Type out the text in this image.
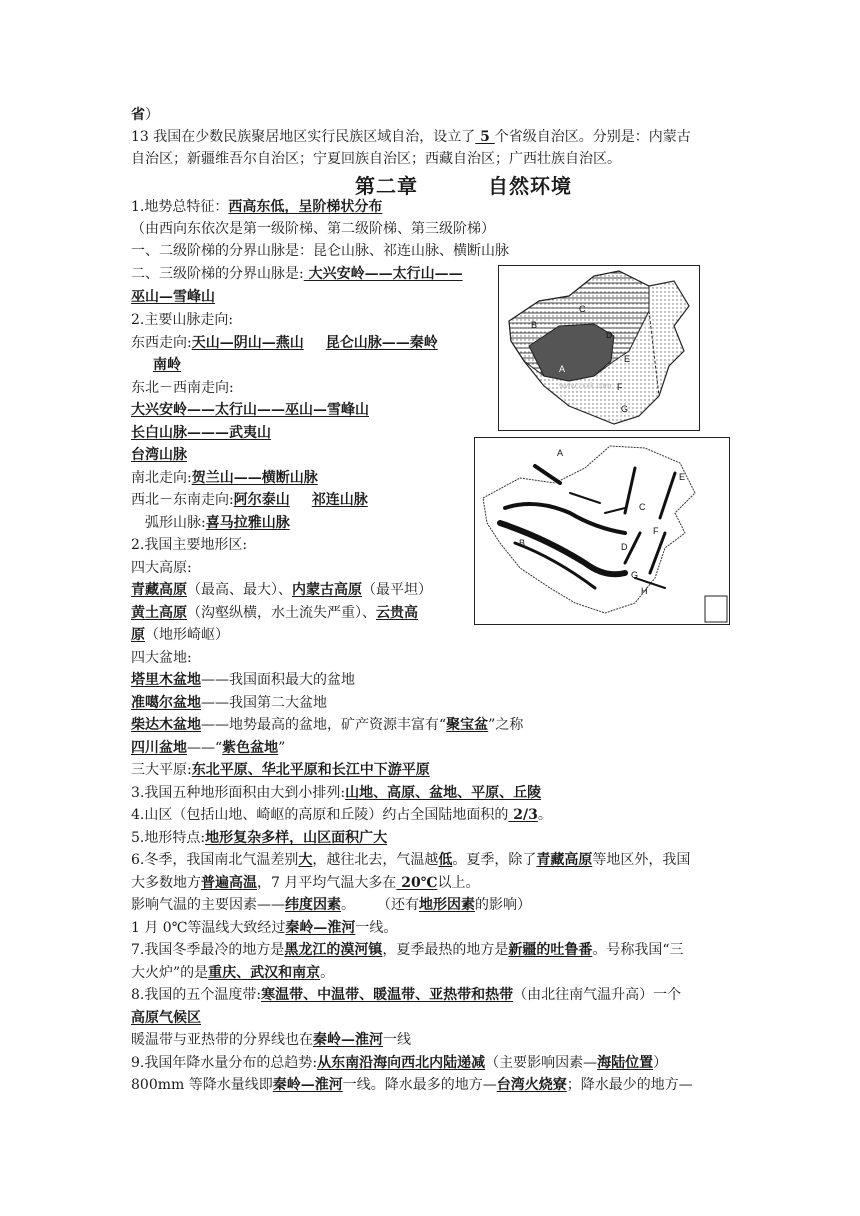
省）
13 我国在少数民族聚居地区实行民族区域自治，设立了 5 个省级自治区。分别是：内蒙古
自治区；新疆维吾尔自治区；宁夏回族自治区；西藏自治区；广西壮族自治区。
第二章	自然环境
1.地势总特征：西高东低，呈阶梯状分布
（由西向东依次是第一级阶梯、第二级阶梯、第三级阶梯）
一、二级阶梯的分界山脉是：昆仑山脉、祁连山脉、横断山脉
二、三级阶梯的分界山脉是: 大兴安岭——太行山——
巫山—雪峰山
2.主要山脉走向:
东西走向:天山—阴山—燕山 昆仑山脉——秦岭
南岭
东北－西南走向:
大兴安岭——太行山——巫山—雪峰山
长白山脉———武夷山
台湾山脉
南北走向:贺兰山——横断山脉
西北－东南走向:阿尔泰山 祁连山脉
弧形山脉:喜马拉雅山脉
2.我国主要地形区:
四大高原:
青藏高原（最高、最大）、内蒙古高原（最平坦）
黄土高原（沟壑纵横，水土流失严重）、云贵高
原（地形崎岖）
四大盆地:
塔里木盆地——我国面积最大的盆地
准噶尔盆地——我国第二大盆地
柴达木盆地——地势最高的盆地，矿产资源丰富有“聚宝盆”之称
四川盆地——“紫色盆地”
三大平原:东北平原、华北平原和长江中下游平原
3.我国五种地形面积由大到小排列:山地、高原、盆地、平原、丘陵
4.山区（包括山地、崎岖的高原和丘陵）约占全国陆地面积的 2/3。
5.地形特点:地形复杂多样，山区面积广大
6.冬季，我国南北气温差别大，越往北去，气温越低。夏季，除了青藏高原等地区外，我国
大多数地方普遍高温，7 月平均气温大多在 20℃以上。
影响气温的主要因素——纬度因素。 （还有地形因素的影响）
1 月 0℃等温线大致经过秦岭—淮河一线。
7.我国冬季最冷的地方是黑龙江的漠河镇，夏季最热的地方是新疆的吐鲁番。号称我国“三
大火炉”的是重庆、武汉和南京。
8.我国的五个温度带:寒温带、中温带、暖温带、亚热带和热带（由北往南气温升高）一个
高原气候区
暖温带与亚热带的分界线也在秦岭—淮河一线
9.我国年降水量分布的总趋势:从东南沿海向西北内陆递减（主要影响因素—海陆位置）
800mm 等降水量线即秦岭—淮河一线。降水最多的地方—台湾火烧寮；降水最少的地方—
C
B
D
E
A
F
G
www.zxxk.com
A
E
C
B	D
F
G
H
